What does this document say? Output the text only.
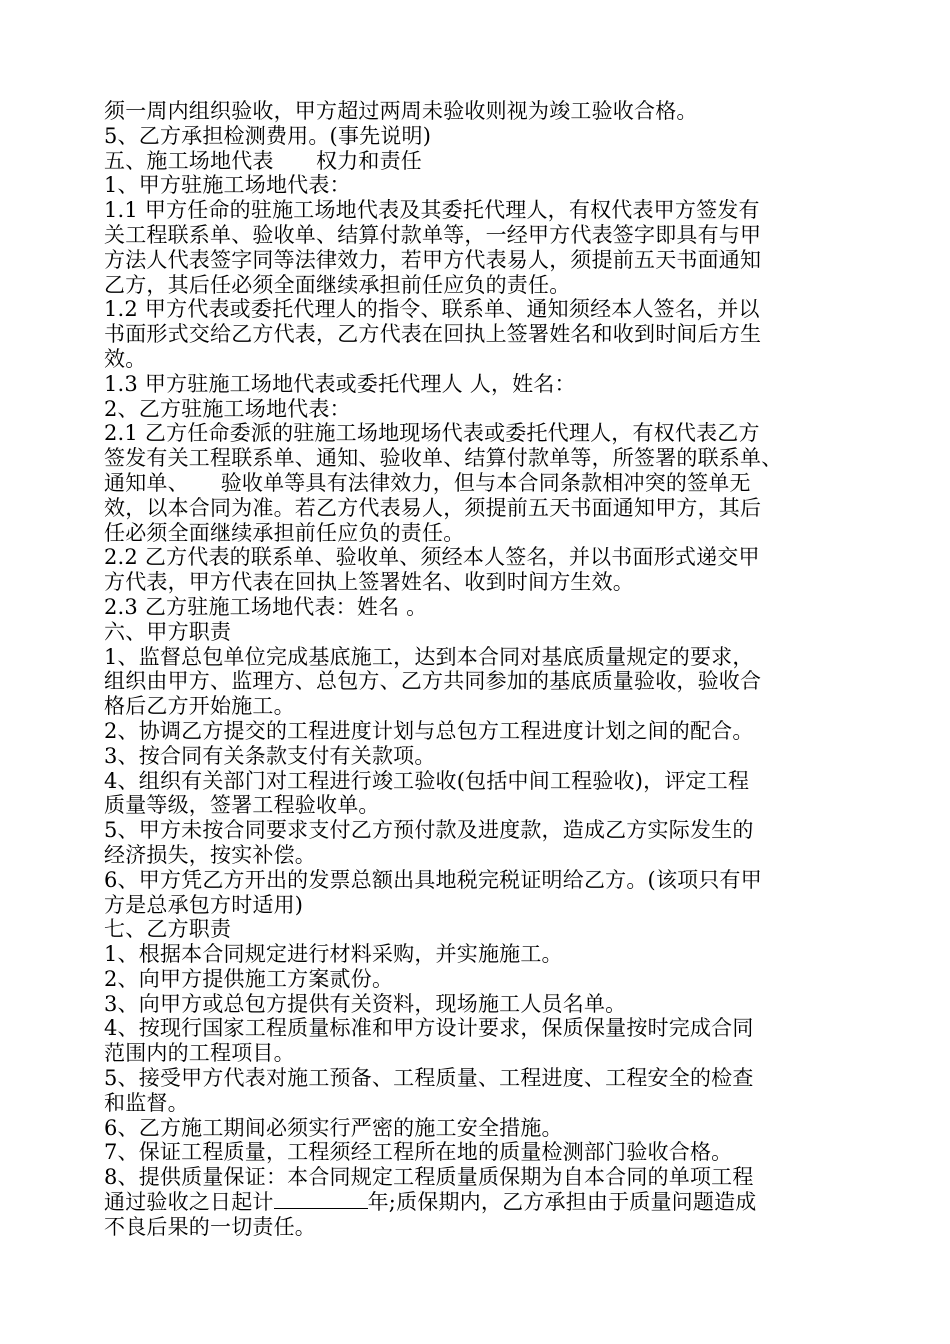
须一周内组织验收，甲方超过两周未验收则视为竣工验收合格。

5、乙方承担检测费用。(事先说明)

五、施工场地代表　　权力和责任

1、甲方驻施工场地代表：

1.1 甲方任命的驻施工场地代表及其委托代理人，有权代表甲方签发有

关工程联系单、验收单、结算付款单等，一经甲方代表签字即具有与甲

方法人代表签字同等法律效力，若甲方代表易人，须提前五天书面通知

乙方，其后任必须全面继续承担前任应负的责任。

1.2 甲方代表或委托代理人的指令、联系单、通知须经本人签名，并以

书面形式交给乙方代表，乙方代表在回执上签署姓名和收到时间后方生

效。

1.3 甲方驻施工场地代表或委托代理人 人，姓名：

2、乙方驻施工场地代表：

2.1 乙方任命委派的驻施工场地现场代表或委托代理人，有权代表乙方

签发有关工程联系单、通知、验收单、结算付款单等，所签署的联系单、

通知单、　　验收单等具有法律效力，但与本合同条款相冲突的签单无

效，以本合同为准。若乙方代表易人，须提前五天书面通知甲方，其后

任必须全面继续承担前任应负的责任。

2.2 乙方代表的联系单、验收单、须经本人签名，并以书面形式递交甲

方代表，甲方代表在回执上签署姓名、收到时间方生效。

2.3 乙方驻施工场地代表：姓名 。

六、甲方职责

1、监督总包单位完成基底施工，达到本合同对基底质量规定的要求，

组织由甲方、监理方、总包方、乙方共同参加的基底质量验收，验收合

格后乙方开始施工。

2、协调乙方提交的工程进度计划与总包方工程进度计划之间的配合。

3、按合同有关条款支付有关款项。

4、组织有关部门对工程进行竣工验收(包括中间工程验收)，评定工程

质量等级，签署工程验收单。

5、甲方未按合同要求支付乙方预付款及进度款，造成乙方实际发生的

经济损失，按实补偿。

6、甲方凭乙方开出的发票总额出具地税完税证明给乙方。(该项只有甲

方是总承包方时适用)

七、乙方职责

1、根据本合同规定进行材料采购，并实施施工。

2、向甲方提供施工方案贰份。

3、向甲方或总包方提供有关资料，现场施工人员名单。

4、按现行国家工程质量标准和甲方设计要求，保质保量按时完成合同

范围内的工程项目。

5、接受甲方代表对施工预备、工程质量、工程进度、工程安全的检查

和监督。

6、乙方施工期间必须实行严密的施工安全措施。

7、保证工程质量，工程须经工程所在地的质量检测部门验收合格。

8、提供质量保证：本合同规定工程质量质保期为自本合同的单项工程

通过验收之日起计	年;质保期内，乙方承担由于质量问题造成

不良后果的一切责任。
